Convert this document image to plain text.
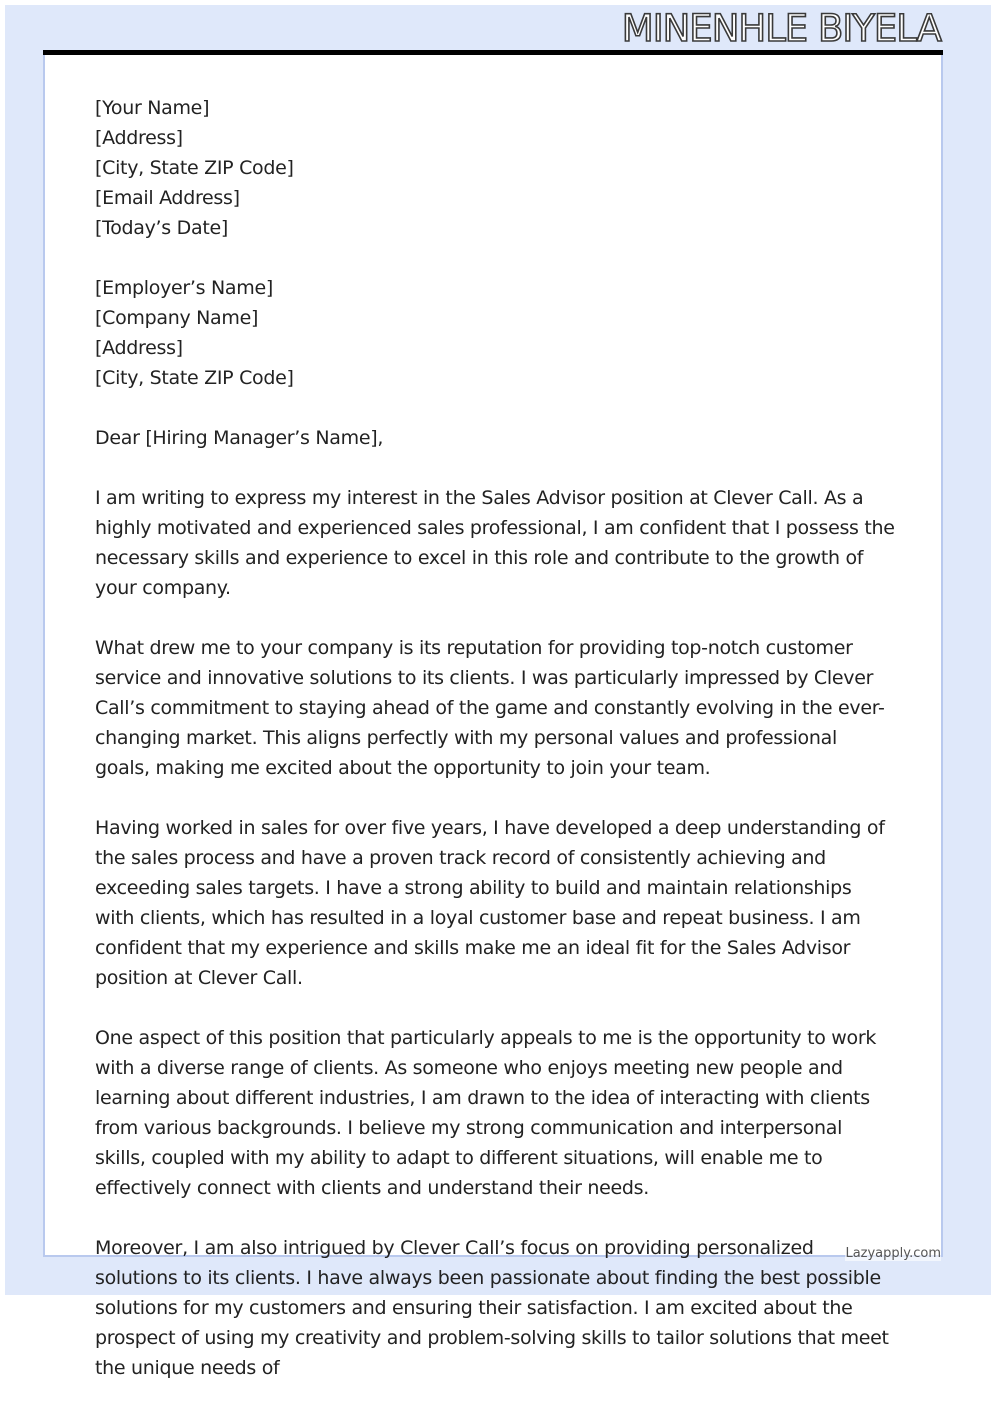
MINENHLE BIYELA

[Your Name]
[Address]
[City, State ZIP Code]
[Email Address]
[Today’s Date]

[Employer’s Name]
[Company Name]
[Address]
[City, State ZIP Code]

Dear [Hiring Manager’s Name],

I am writing to express my interest in the Sales Advisor position at Clever Call. As a highly motivated and experienced sales professional, I am confident that I possess the necessary skills and experience to excel in this role and contribute to the growth of your company.

What drew me to your company is its reputation for providing top-notch customer service and innovative solutions to its clients. I was particularly impressed by Clever Call’s commitment to staying ahead of the game and constantly evolving in the ever-changing market. This aligns perfectly with my personal values and professional goals, making me excited about the opportunity to join your team.

Having worked in sales for over five years, I have developed a deep understanding of the sales process and have a proven track record of consistently achieving and exceeding sales targets. I have a strong ability to build and maintain relationships with clients, which has resulted in a loyal customer base and repeat business. I am confident that my experience and skills make me an ideal fit for the Sales Advisor position at Clever Call.

One aspect of this position that particularly appeals to me is the opportunity to work with a diverse range of clients. As someone who enjoys meeting new people and learning about different industries, I am drawn to the idea of interacting with clients from various backgrounds. I believe my strong communication and interpersonal skills, coupled with my ability to adapt to different situations, will enable me to effectively connect with clients and understand their needs.

Moreover, I am also intrigued by Clever Call’s focus on providing personalized solutions to its clients. I have always been passionate about finding the best possible solutions for my customers and ensuring their satisfaction. I am excited about the prospect of using my creativity and problem-solving skills to tailor solutions that meet the unique needs of

Lazyapply.com
